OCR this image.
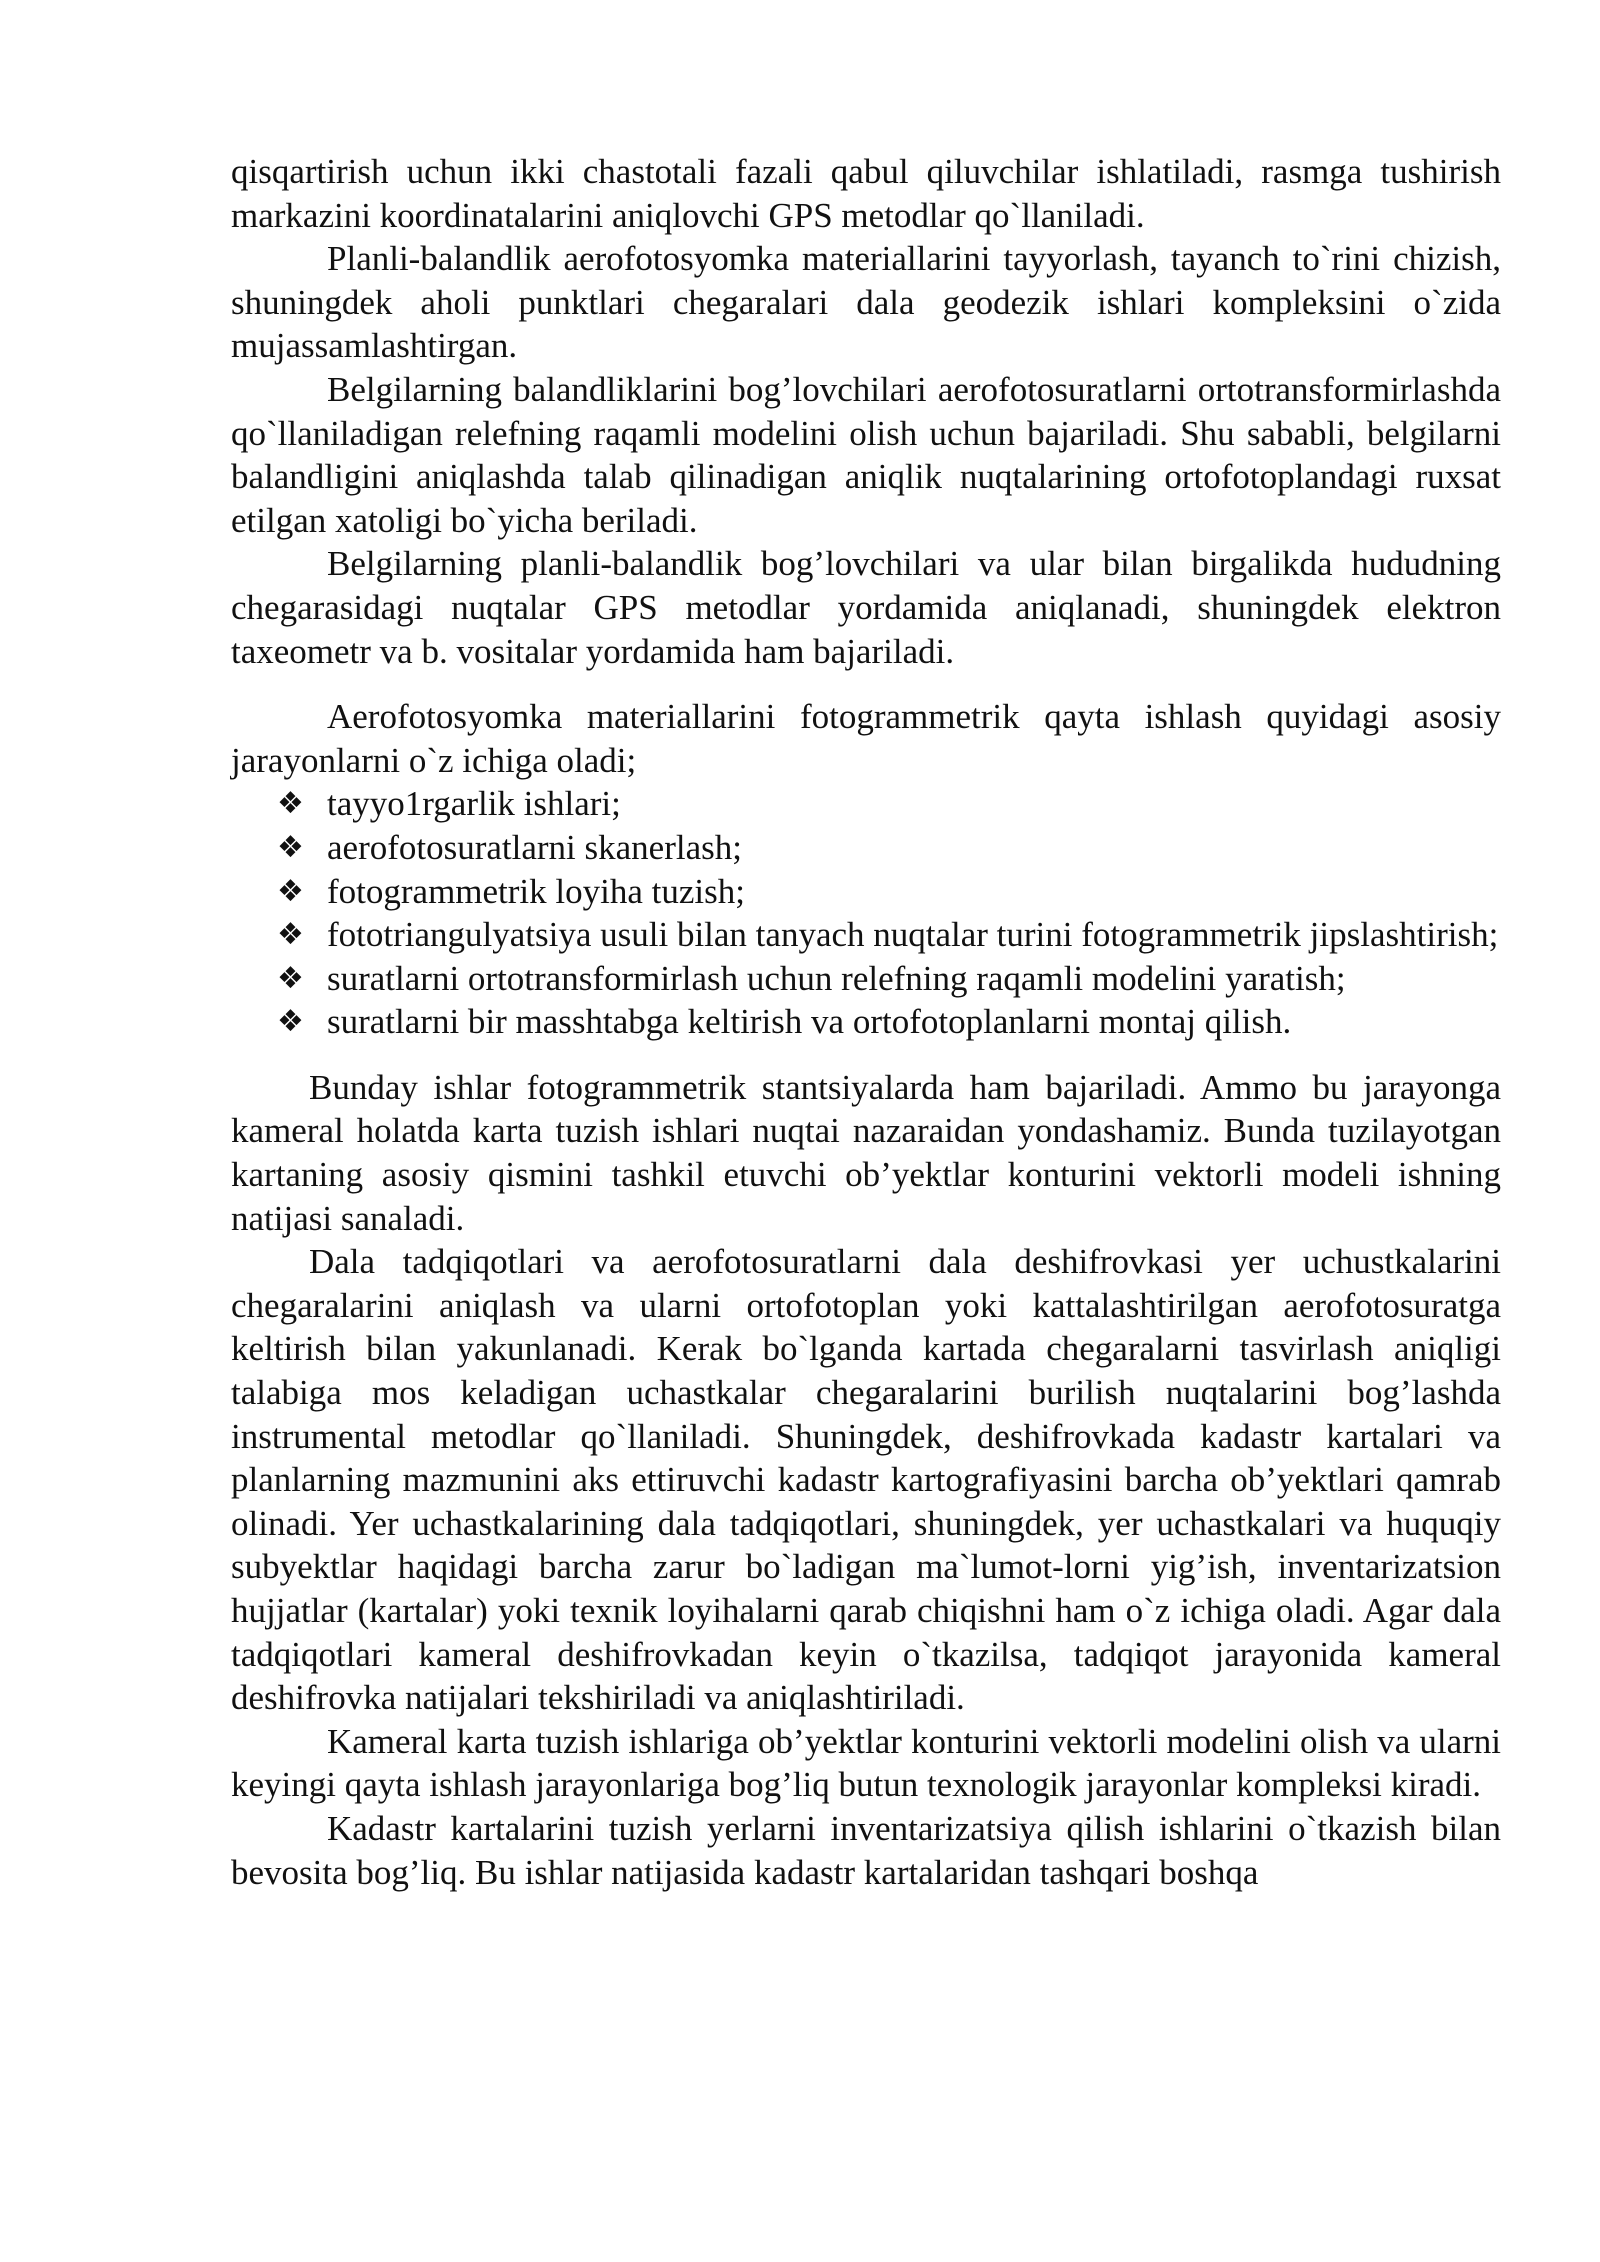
qisqartirish uchun ikki chastotali fazali qabul qiluvchilar ishlatiladi, rasmga tushirish markazini koordinatalarini aniqlovchi GPS metodlar qo`llaniladi.

Planli-balandlik aerofotosyomka materiallarini tayyorlash, tayanch to`rini chizish, shuningdek aholi punktlari chegaralari dala geodezik ishlari kompleksini o`zida mujassamlashtirgan.

Belgilarning balandliklarini bog’lovchilari aerofotosuratlarni ortotransformirlashda qo`llaniladigan relefning raqamli modelini olish uchun bajariladi. Shu sababli, belgilarni balandligini aniqlashda talab qilinadigan aniqlik nuqtalarining ortofotoplandagi ruxsat etilgan xatoligi bo`yicha beriladi.

Belgilarning planli-balandlik bog’lovchilari va ular bilan birgalikda hududning chegarasidagi nuqtalar GPS metodlar yordamida aniqlanadi, shuningdek elektron taxeometr va b. vositalar yordamida ham bajariladi.

Aerofotosyomka materiallarini fotogrammetrik qayta ishlash quyidagi asosiy jarayonlarni o`z ichiga oladi;

❖ tayyo1rgarlik ishlari;
❖ aerofotosuratlarni skanerlash;
❖ fotogrammetrik loyiha tuzish;
❖ fototriangulyatsiya usuli bilan tanyach nuqtalar turini fotogrammetrik jipslashtirish;
❖ suratlarni ortotransformirlash uchun relefning raqamli modelini yaratish;
❖ suratlarni bir masshtabga keltirish va ortofotoplanlarni montaj qilish.

Bunday ishlar fotogrammetrik stantsiyalarda ham bajariladi. Ammo bu jarayonga kameral holatda karta tuzish ishlari nuqtai nazaraidan yondashamiz. Bunda tuzilayotgan kartaning asosiy qismini tashkil etuvchi ob’yektlar konturini vektorli modeli ishning natijasi sanaladi.

Dala tadqiqotlari va aerofotosuratlarni dala deshifrovkasi yer uchustkalarini chegaralarini aniqlash va ularni ortofotoplan yoki kattalashtirilgan aerofotosuratga keltirish bilan yakunlanadi. Kerak bo`lganda kartada chegaralarni tasvirlash aniqligi talabiga mos keladigan uchastkalar chegaralarini burilish nuqtalarini bog’lashda instrumental metodlar qo`llaniladi. Shuningdek, deshifrovkada kadastr kartalari va planlarning mazmunini aks ettiruvchi kadastr kartografiyasini barcha ob’yektlari qamrab olinadi. Yer uchastkalarining dala tadqiqotlari, shuningdek, yer uchastkalari va huquqiy subyektlar haqidagi barcha zarur bo`ladigan ma`lumot-lorni yig’ish, inventarizatsion hujjatlar (kartalar) yoki texnik loyihalarni qarab chiqishni ham o`z ichiga oladi. Agar dala tadqiqotlari kameral deshifrovkadan keyin o`tkazilsa, tadqiqot jarayonida kameral deshifrovka natijalari tekshiriladi va aniqlashtiriladi.

Kameral karta tuzish ishlariga ob’yektlar konturini vektorli modelini olish va ularni keyingi qayta ishlash jarayonlariga bog’liq butun texnologik jarayonlar kompleksi kiradi.

Kadastr kartalarini tuzish yerlarni inventarizatsiya qilish ishlarini o`tkazish bilan bevosita bog’liq. Bu ishlar natijasida kadastr kartalaridan tashqari boshqa
